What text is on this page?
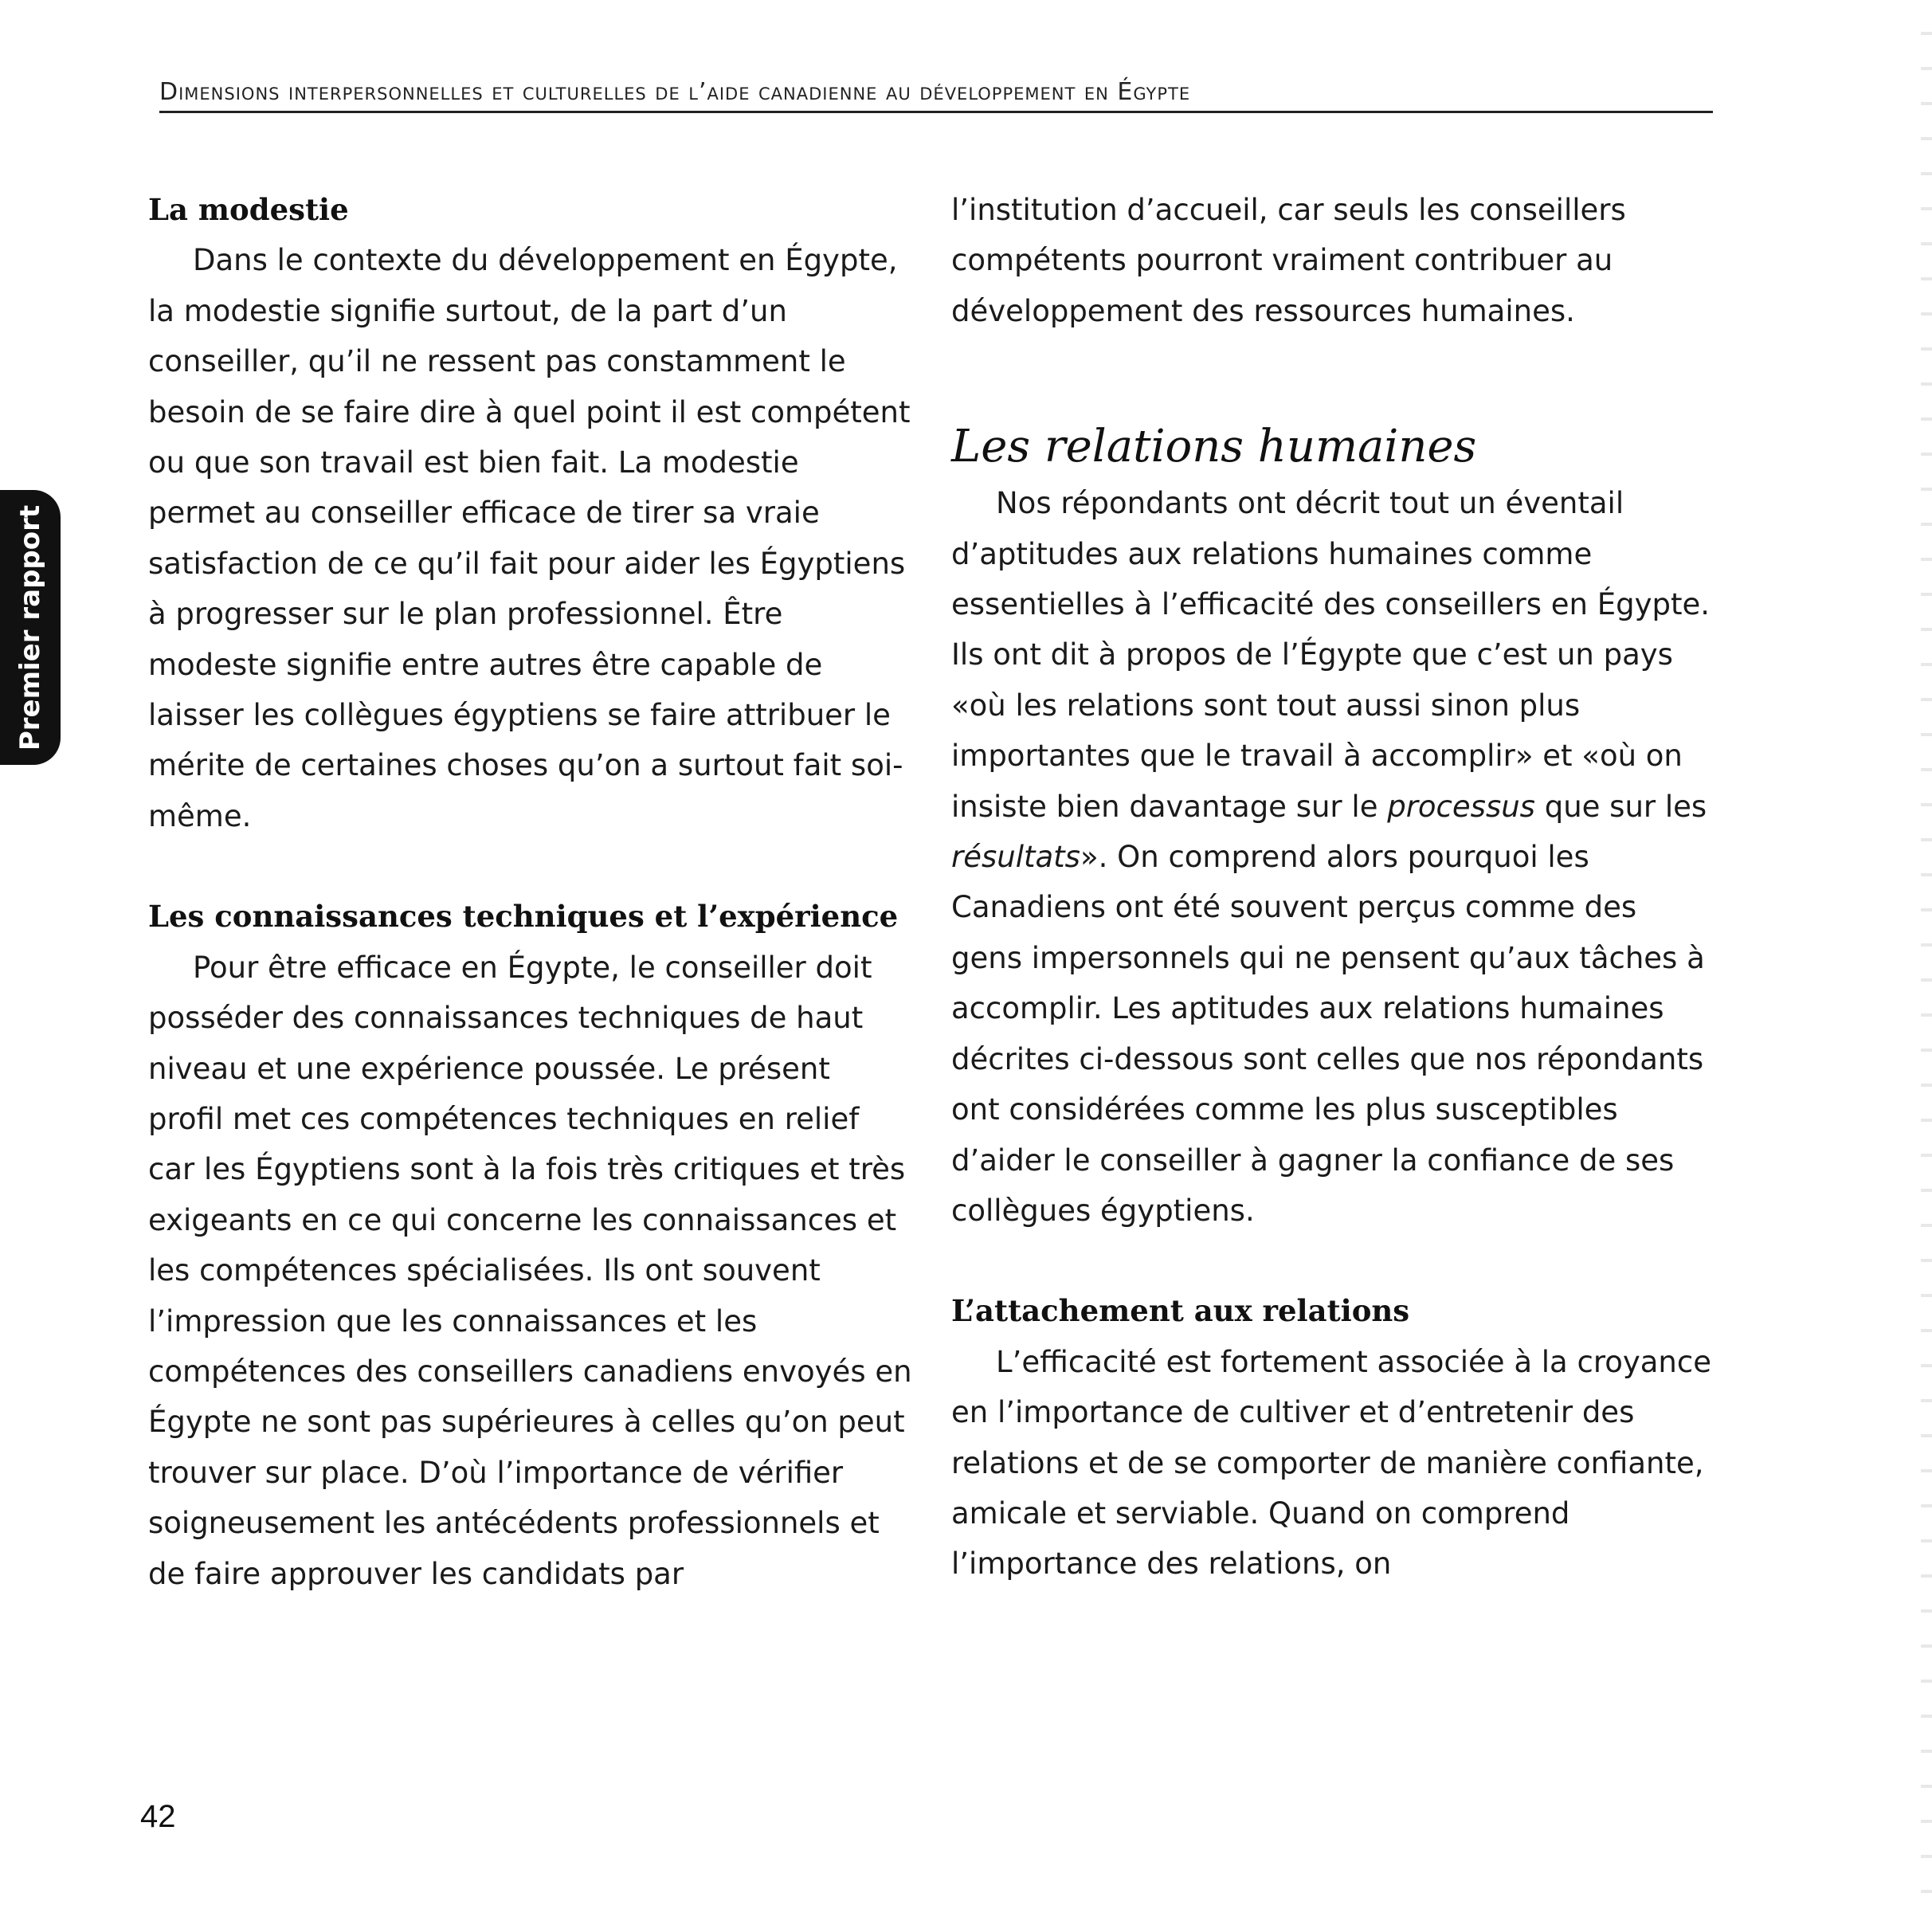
Dimensions interpersonnelles et culturelles de l’aide canadienne au développement en Égypte
Premier rapport
La modestie

Dans le contexte du développement en Égypte, la modestie signifie surtout, de la part d’un conseiller, qu’il ne ressent pas constamment le besoin de se faire dire à quel point il est compétent ou que son travail est bien fait. La modestie permet au conseiller efficace de tirer sa vraie satisfaction de ce qu’il fait pour aider les Égyptiens à progresser sur le plan professionnel. Être modeste signifie entre autres être capable de laisser les collègues égyptiens se faire attribuer le mérite de certaines choses qu’on a surtout fait soi-même.

Les connaissances techniques et l’expérience

Pour être efficace en Égypte, le conseiller doit posséder des connaissances techniques de haut niveau et une expérience poussée. Le présent profil met ces compétences techniques en relief car les Égyptiens sont à la fois très critiques et très exigeants en ce qui concerne les connaissances et les compétences spécialisées. Ils ont souvent l’impression que les connaissances et les compétences des conseillers canadiens envoyés en Égypte ne sont pas supérieures à celles qu’on peut trouver sur place. D’où l’importance de vérifier soigneusement les antécédents professionnels et de faire approuver les candidats par

l’institution d’accueil, car seuls les conseillers compétents pourront vraiment contribuer au développement des ressources humaines.

Les relations humaines

Nos répondants ont décrit tout un éventail d’aptitudes aux relations humaines comme essentielles à l’efficacité des conseillers en Égypte. Ils ont dit à propos de l’Égypte que c’est un pays «où les relations sont tout aussi sinon plus importantes que le travail à accomplir» et «où on insiste bien davantage sur le processus que sur les résultats». On comprend alors pourquoi les Canadiens ont été souvent perçus comme des gens impersonnels qui ne pensent qu’aux tâches à accomplir. Les aptitudes aux relations humaines décrites ci-dessous sont celles que nos répondants ont considérées comme les plus susceptibles d’aider le conseiller à gagner la confiance de ses collègues égyptiens.

L’attachement aux relations

L’efficacité est fortement associée à la croyance en l’importance de cultiver et d’entretenir des relations et de se comporter de manière confiante, amicale et serviable. Quand on comprend l’importance des relations, on

42
